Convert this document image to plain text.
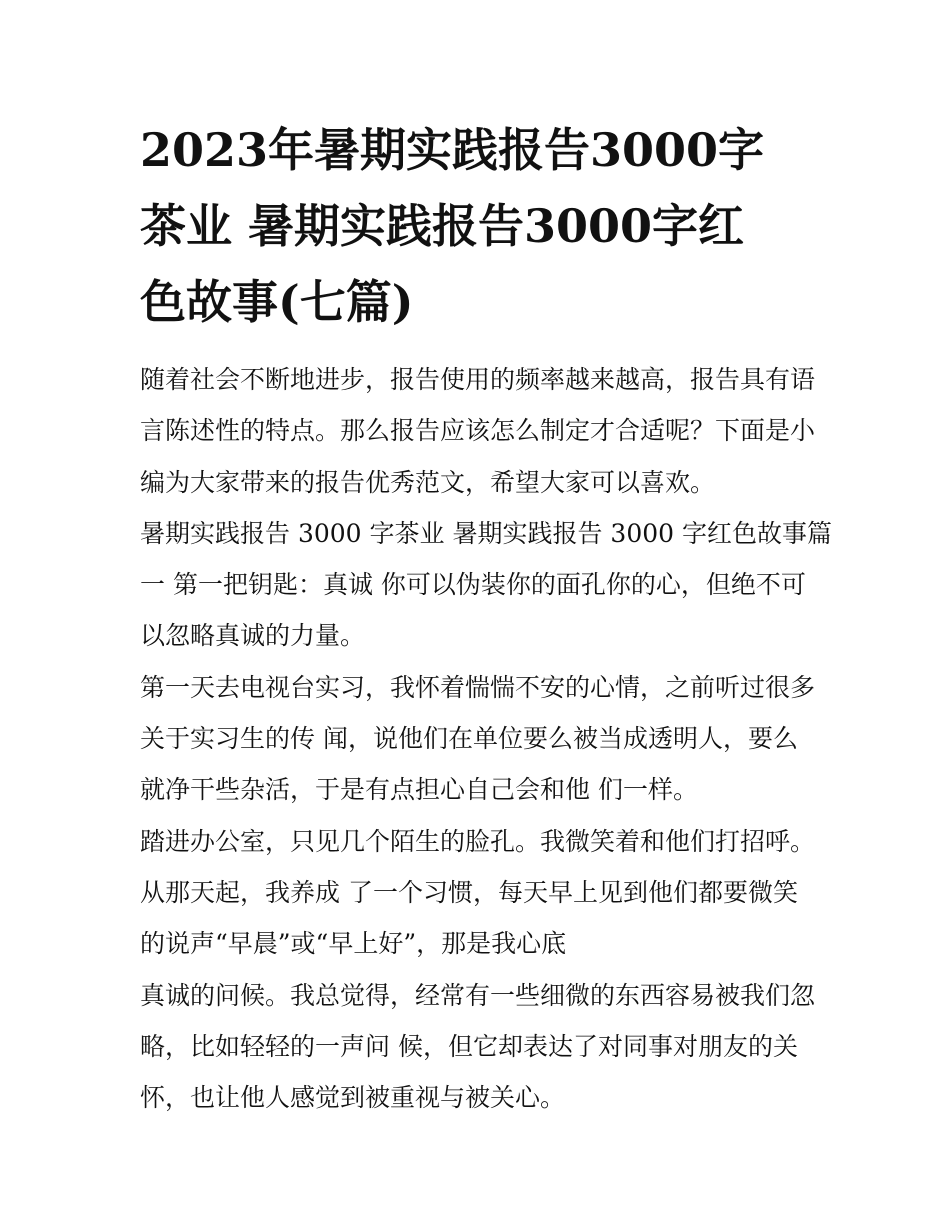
2023年暑期实践报告3000字
茶业 暑期实践报告3000字红
色故事(七篇)
随着社会不断地进步，报告使用的频率越来越高，报告具有语
言陈述性的特点。那么报告应该怎么制定才合适呢？下面是小
编为大家带来的报告优秀范文，希望大家可以喜欢。
暑期实践报告 3000 字茶业 暑期实践报告 3000 字红色故事篇
一 第一把钥匙：真诚 你可以伪装你的面孔你的心，但绝不可
以忽略真诚的力量。
第一天去电视台实习，我怀着惴惴不安的心情，之前听过很多
关于实习生的传 闻，说他们在单位要么被当成透明人，要么
就净干些杂活，于是有点担心自己会和他 们一样。
踏进办公室，只见几个陌生的脸孔。我微笑着和他们打招呼。
从那天起，我养成 了一个习惯，每天早上见到他们都要微笑
的说声“早晨”或“早上好”，那是我心底
真诚的问候。我总觉得，经常有一些细微的东西容易被我们忽
略，比如轻轻的一声问 候，但它却表达了对同事对朋友的关
怀，也让他人感觉到被重视与被关心。
